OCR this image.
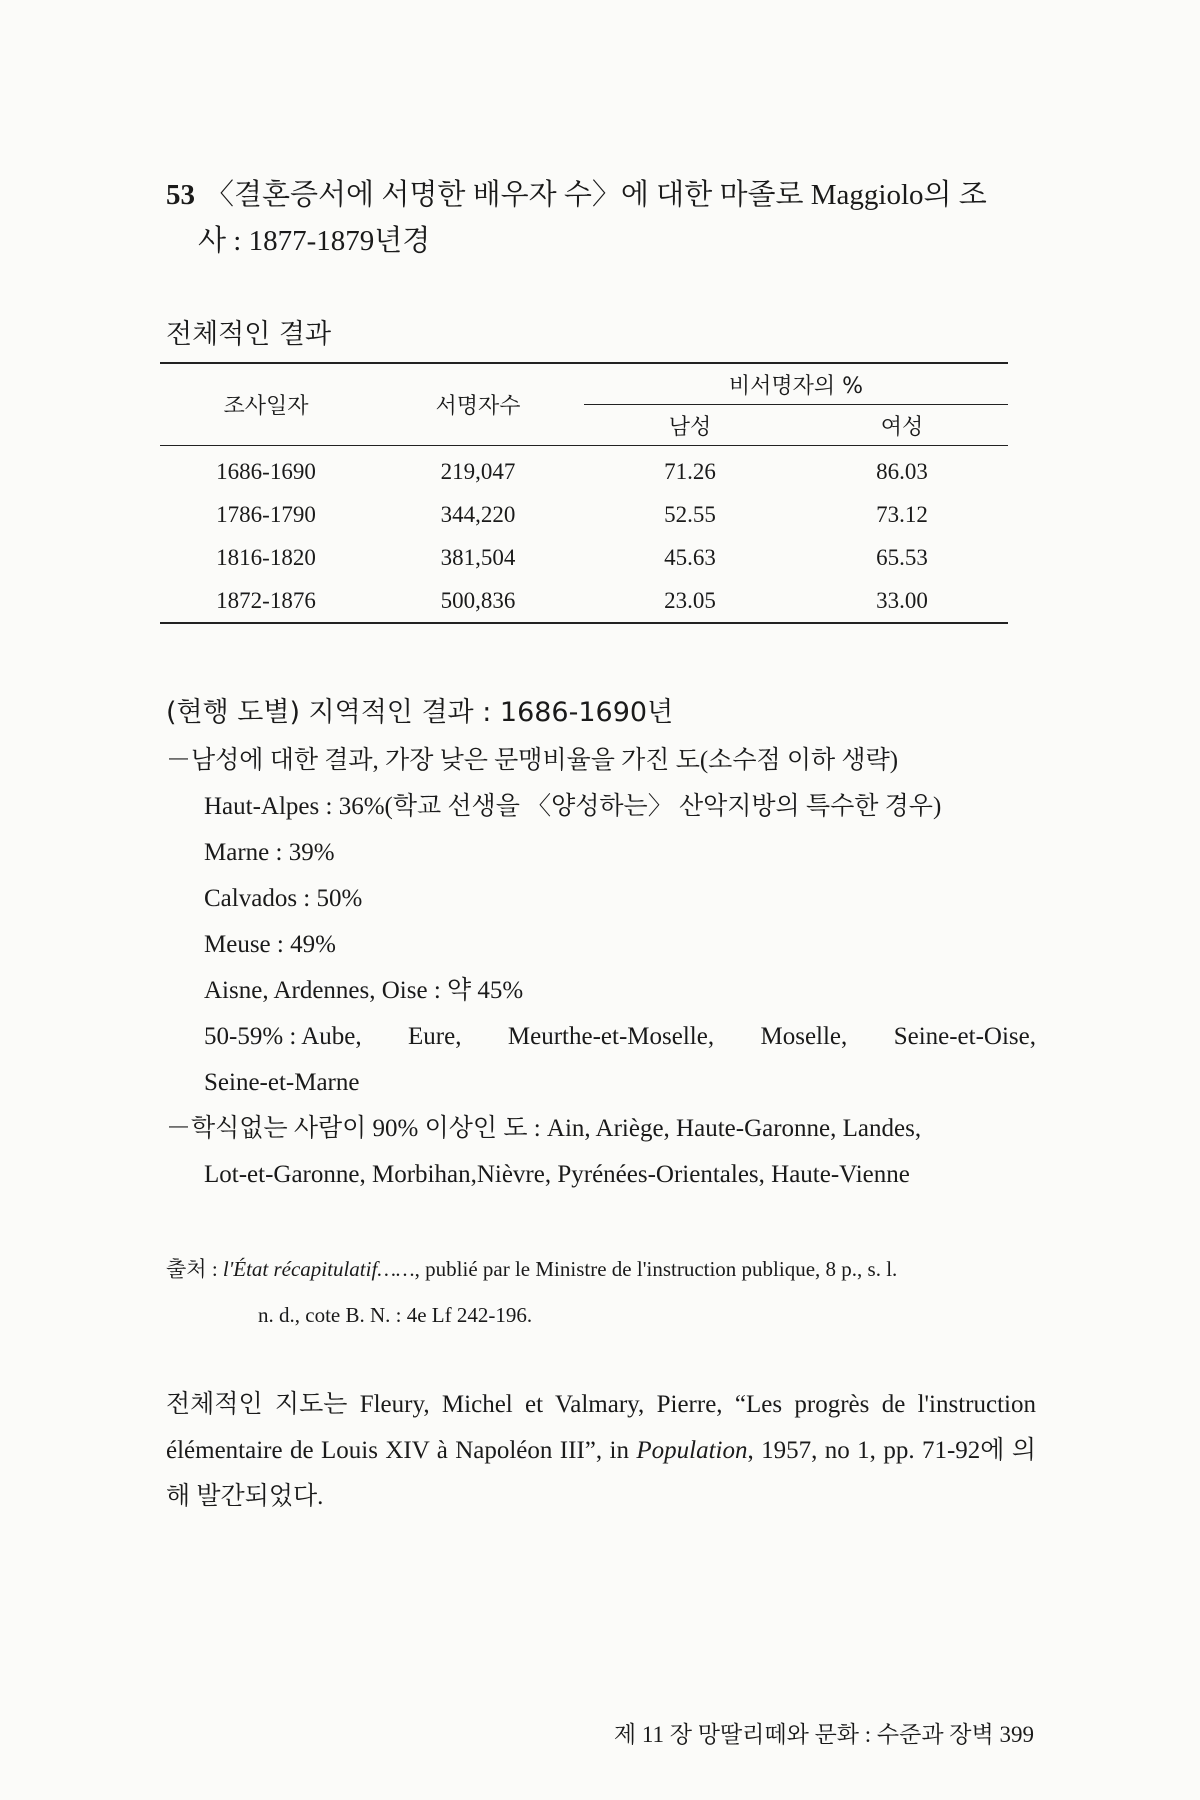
53 〈결혼증서에 서명한 배우자 수〉에 대한 마졸로 Maggiolo의 조
사 : 1877-1879년경
전체적인 결과
조사일자	서명자수	비서명자의 %	
		남성	여성
1686-1690	219,047	71.26	86.03
1786-1790	344,220	52.55	73.12
1816-1820	381,504	45.63	65.53
1872-1876	500,836	23.05	33.00
(현행 도별) 지역적인 결과 : 1686-1690년
－남성에 대한 결과, 가장 낮은 문맹비율을 가진 도(소수점 이하 생략)
Haut-Alpes : 36%(학교 선생을 〈양성하는〉 산악지방의 특수한 경우)
Marne : 39%
Calvados : 50%
Meuse : 49%
Aisne, Ardennes, Oise : 약 45%
50-59% : Aube, Eure, Meurthe-et-Moselle, Moselle, Seine-et-Oise,
Seine-et-Marne
－학식없는 사람이 90% 이상인 도 : Ain, Ariège, Haute-Garonne, Landes,
Lot-et-Garonne, Morbihan,Nièvre, Pyrénées-Orientales, Haute-Vienne
출처 : l'État récapitulatif……, publié par le Ministre de l'instruction publique, 8 p., s. l.
n. d., cote B. N. : 4e Lf 242-196.
전체적인 지도는 Fleury, Michel et Valmary, Pierre, “Les progrès de l'instruction élémentaire de Louis XIV à Napoléon III”, in Population, 1957, no 1, pp. 71-92에 의해 발간되었다.
제 11 장 망딸리떼와 문화 : 수준과 장벽 399
